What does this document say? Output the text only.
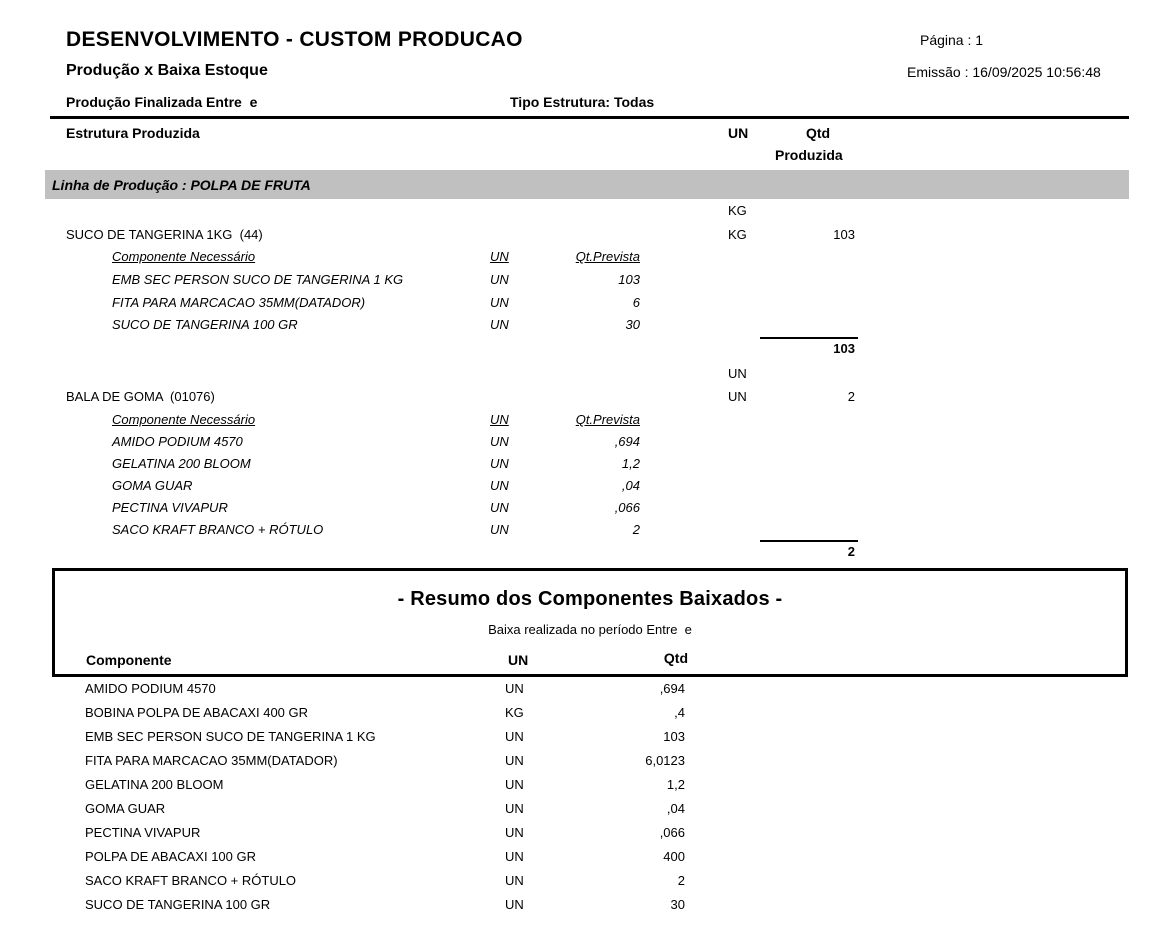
DESENVOLVIMENTO - CUSTOM PRODUCAO	Página : 1
Produção x Baixa Estoque	Emissão : 16/09/2025 10:56:48
Produção Finalizada Entre  e	Tipo Estrutura: Todas
Estrutura Produzida	UN	Qtd
Produzida
Linha de Produção : POLPA DE FRUTA
KG
SUCO DE TANGERINA 1KG  (44)	KG	103
Componente Necessário	UN	Qt.Prevista
EMB SEC PERSON SUCO DE TANGERINA 1 KG	UN	103
FITA PARA MARCACAO 35MM(DATADOR)	UN	6
SUCO DE TANGERINA 100 GR	UN	30
103
UN
BALA DE GOMA  (01076)	UN	2
Componente Necessário	UN	Qt.Prevista
AMIDO PODIUM 4570	UN	,694
GELATINA 200 BLOOM	UN	1,2
GOMA GUAR	UN	,04
PECTINA VIVAPUR	UN	,066
SACO KRAFT BRANCO + RÓTULO	UN	2
2
- Resumo dos Componentes Baixados -
Baixa realizada no período Entre  e
Componente	UN	Qtd
AMIDO PODIUM 4570	UN	,694
BOBINA POLPA DE ABACAXI 400 GR	KG	,4
EMB SEC PERSON SUCO DE TANGERINA 1 KG	UN	103
FITA PARA MARCACAO 35MM(DATADOR)	UN	6,0123
GELATINA 200 BLOOM	UN	1,2
GOMA GUAR	UN	,04
PECTINA VIVAPUR	UN	,066
POLPA DE ABACAXI 100 GR	UN	400
SACO KRAFT BRANCO + RÓTULO	UN	2
SUCO DE TANGERINA 100 GR	UN	30
